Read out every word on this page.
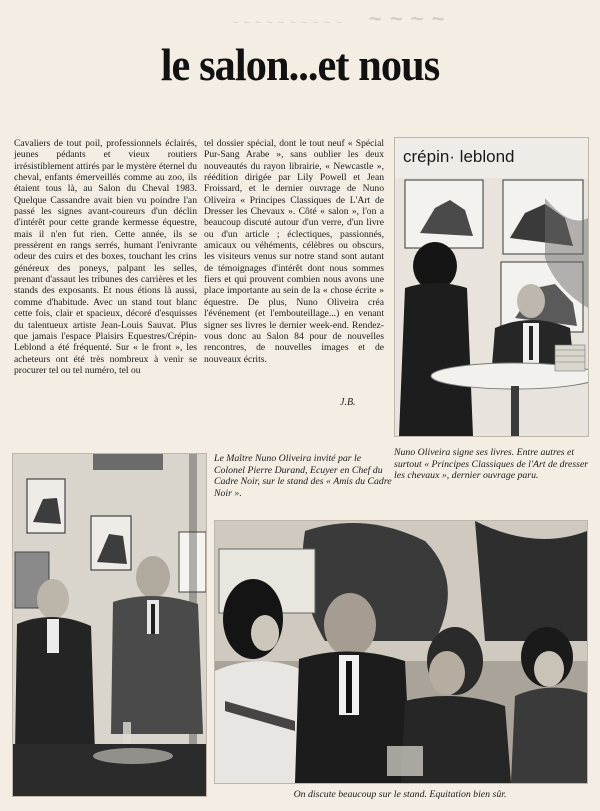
~ ~ ~ ~ ~ ~ ~ ~ ~ ~ ~ ~ ~ ~
le salon...et nous
Cavaliers de tout poil, professionnels éclairés, jeunes pédants et vieux routiers irrésistiblement attirés par le mystère éternel du cheval, enfants émerveillés comme au zoo, ils étaient tous là, au Salon du Cheval 1983. Quelque Cassandre avait bien vu poindre l'an passé les signes avant-coureurs d'un déclin d'intérêt pour cette grande kermesse équestre, mais il n'en fut rien. Cette année, ils se pressèrent en rangs serrés, humant l'enivrante odeur des cuirs et des boxes, touchant les crins généreux des poneys, palpant les selles, prenant d'assaut les tribunes des carrières et les stands des exposants. Et nous étions là aussi, comme d'habitude. Avec un stand tout blanc cette fois, clair et spacieux, décoré d'esquisses du talentueux artiste Jean-Louis Sauvat. Plus que jamais l'espace Plaisirs Equestres/Crépin-Leblond a été fréquenté. Sur « le front », les acheteurs ont été très nombreux à venir se procurer tel ou tel numéro, tel ou
tel dossier spécial, dont le tout neuf « Spécial Pur-Sang Arabe », sans oublier les deux nouveautés du rayon librairie, « Newcastle », réédition dirigée par Lily Powell et Jean Froissard, et le dernier ouvrage de Nuno Oliveira « Principes Classiques de L'Art de Dresser les Chevaux ». Côté « salon », l'on a beaucoup discuté autour d'un verre, d'un livre ou d'un article ; éclectiques, passionnés, amicaux ou véhéments, célèbres ou obscurs, les visiteurs venus sur notre stand sont autant de témoignages d'intérêt dont nous sommes fiers et qui prouvent combien nous avons une place importante au sein de la « chose écrite » équestre. De plus, Nuno Oliveira créa l'événement (et l'embouteillage...) en venant signer ses livres le dernier week-end. Rendez-vous donc au Salon 84 pour de nouvelles rencontres, de nouvelles images et de nouveaux écrits.
J.B.
crépin· leblond
Nuno Oliveira signe ses livres. Entre autres et surtout « Principes Classiques de l'Art de dresser les chevaux », dernier ouvrage paru.
Le Maître Nuno Oliveira invité par le Colonel Pierre Durand, Ecuyer en Chef du Cadre Noir, sur le stand des « Amis du Cadre Noir ».
On discute beaucoup sur le stand. Equitation bien sûr.
